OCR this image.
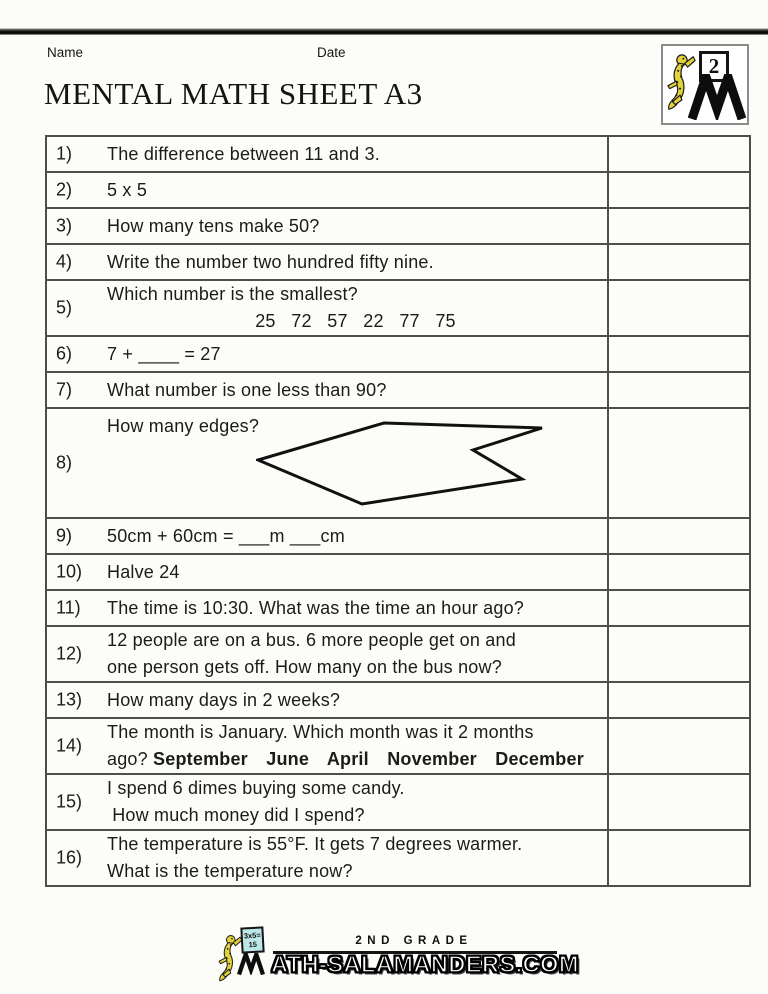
Name	Date
2
MENTAL MATH SHEET A3
1) The difference between 11 and 3.	

2) 5 x 5	

3) How many tens make 50?	

4) Write the number two hundred fifty nine.	

5)
Which number is the smallest?
25   72   57   22   77   75	

6) 7 + ____ = 27	

7) What number is one less than 90?	

8)
How many edges?	

9) 50cm + 60cm = ___m ___cm	

10) Halve 24	

11) The time is 10:30. What was the time an hour ago?	

12)
12 people are on a bus. 6 more people get on and
one person gets off. How many on the bus now?	

13) How many days in 2 weeks?	

14)
The month is January. Which month was it 2 months
ago? September  June  April  November  December	

15)
I spend 6 dimes buying some candy.
How much money did I spend?	

16)
The temperature is 55°F. It gets 7 degrees warmer.
What is the temperature now?	

3x5=
15	2ND GRADE
ATH-SALAMANDERS.COM
